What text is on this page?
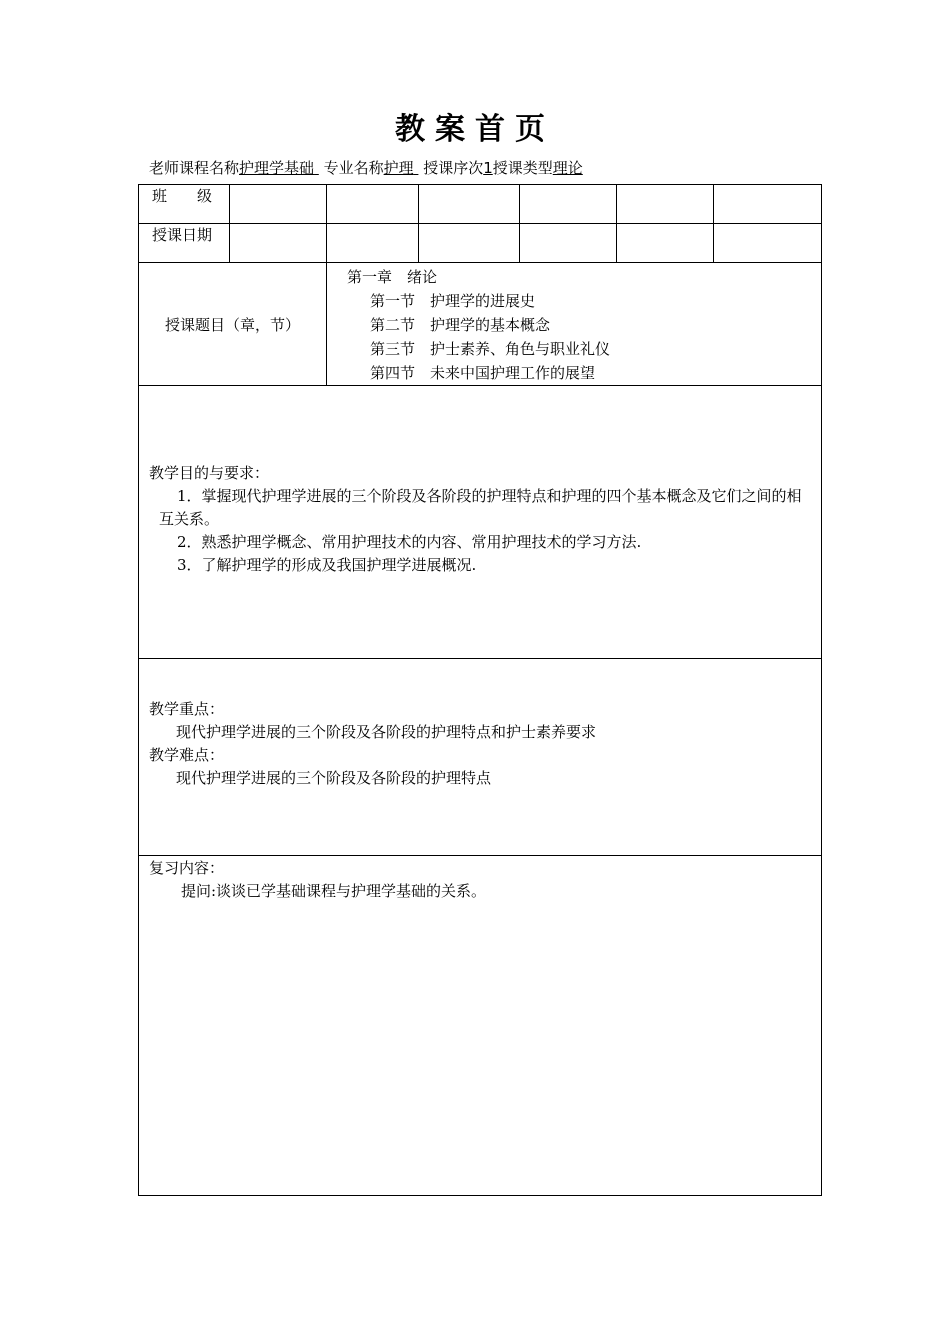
教案首页
老师课程名称护理学基础 专业名称护理 授课序次1授课类型理论
班　　级						
授课日期						
授课题目（章，节）		第一章　绪论
第一节　护理学的进展史
第二节　护理学的基本概念
第三节　护士素养、角色与职业礼仪
第四节　未来中国护理工作的展望				

教学目的与要求：
1．掌握现代护理学进展的三个阶段及各阶段的护理特点和护理的四个基本概念及它们之间的相互关系。
2．熟悉护理学概念、常用护理技术的内容、常用护理技术的学习方法.
3．了解护理学的形成及我国护理学进展概况.						

教学重点：
现代护理学进展的三个阶段及各阶段的护理特点和护士素养要求
教学难点：
现代护理学进展的三个阶段及各阶段的护理特点						

复习内容：
提问:谈谈已学基础课程与护理学基础的关系。						
